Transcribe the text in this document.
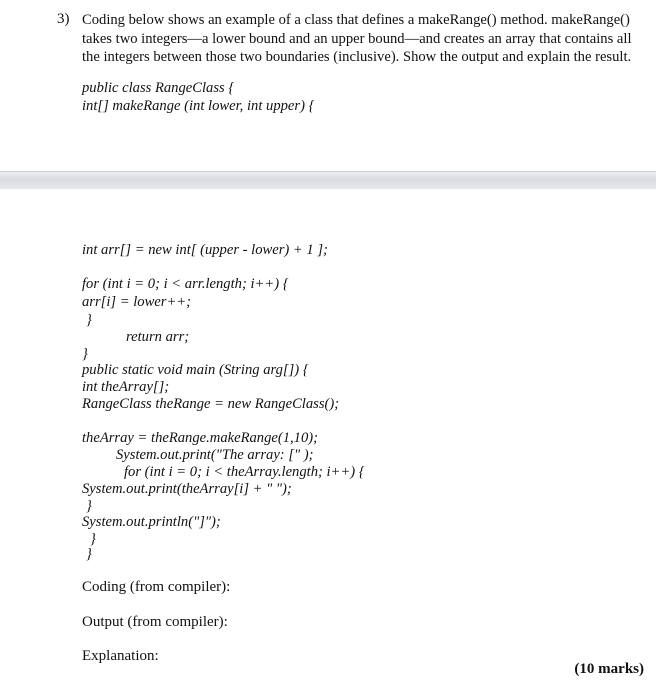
3) Coding below shows an example of a class that defines a makeRange() method. makeRange()

takes two integers—a lower bound and an upper bound—and creates an array that contains all

the integers between those two boundaries (inclusive). Show the output and explain the result.

public class RangeClass {
int[] makeRange (int lower, int upper) {
int arr[] = new int[ (upper - lower) + 1 ];
for (int i = 0; i < arr.length; i++) {
arr[i] = lower++;
}
return arr;
}
public static void main (String arg[]) {
int theArray[];
RangeClass theRange = new RangeClass();
theArray = theRange.makeRange(1,10);
System.out.print("The array: [" );
for (int i = 0; i < theArray.length; i++) {
System.out.print(theArray[i] + " ");
}
System.out.println("]");
}
}
Coding (from compiler):
Output (from compiler):
Explanation:
(10 marks)
